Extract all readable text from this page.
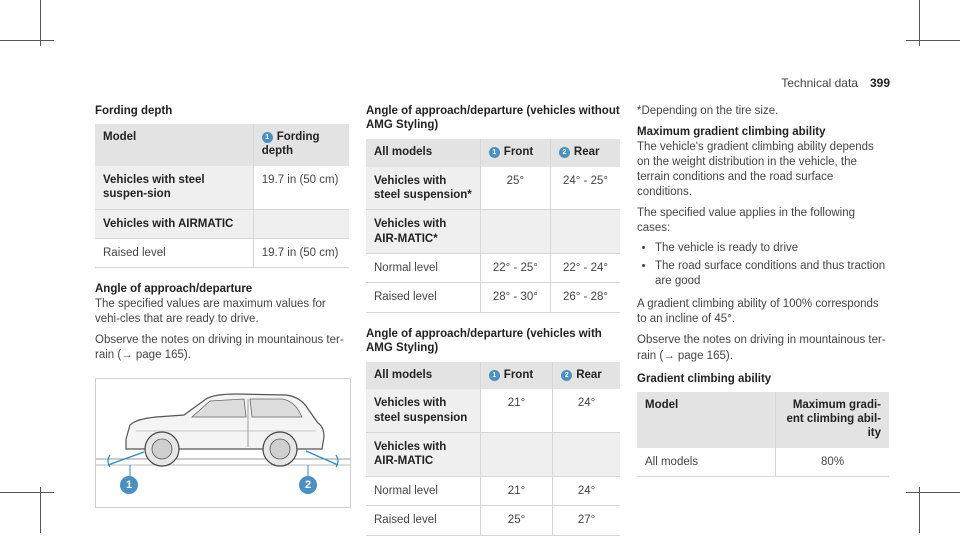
Technical data 399
Fording depth
Model	1 Fording depth
Vehicles with steel suspen-sion	19.7 in (50 cm)
Vehicles with AIRMATIC	
Raised level	19.7 in (50 cm)
Angle of approach/departure

The specified values are maximum values for vehi-cles that are ready to drive.

Observe the notes on driving in mountainous ter-rain (→ page 165).

1	2
Angle of approach/departure (vehicles without AMG Styling)
All models	1 Front	2 Rear
Vehicles with steel suspension*	25°	24° - 25°
Vehicles with AIR-MATIC*		
Normal level	22° - 25°	22° - 24°
Raised level	28° - 30°	26° - 28°
Angle of approach/departure (vehicles with AMG Styling)
All models	1 Front	2 Rear
Vehicles with steel suspension	21°	24°
Vehicles with AIR-MATIC		
Normal level	21°	24°
Raised level	25°	27°

*Depending on the tire size.

Maximum gradient climbing ability

The vehicle's gradient climbing ability depends on the weight distribution in the vehicle, the terrain conditions and the road surface conditions.

The specified value applies in the following cases:

• The vehicle is ready to drive
• The road surface conditions and thus traction are good

A gradient climbing ability of 100% corresponds to an incline of 45°.

Observe the notes on driving in mountainous ter-rain (→ page 165).

Gradient climbing ability
Model	Maximum gradi-ent climbing abil-ity
All models	80%
